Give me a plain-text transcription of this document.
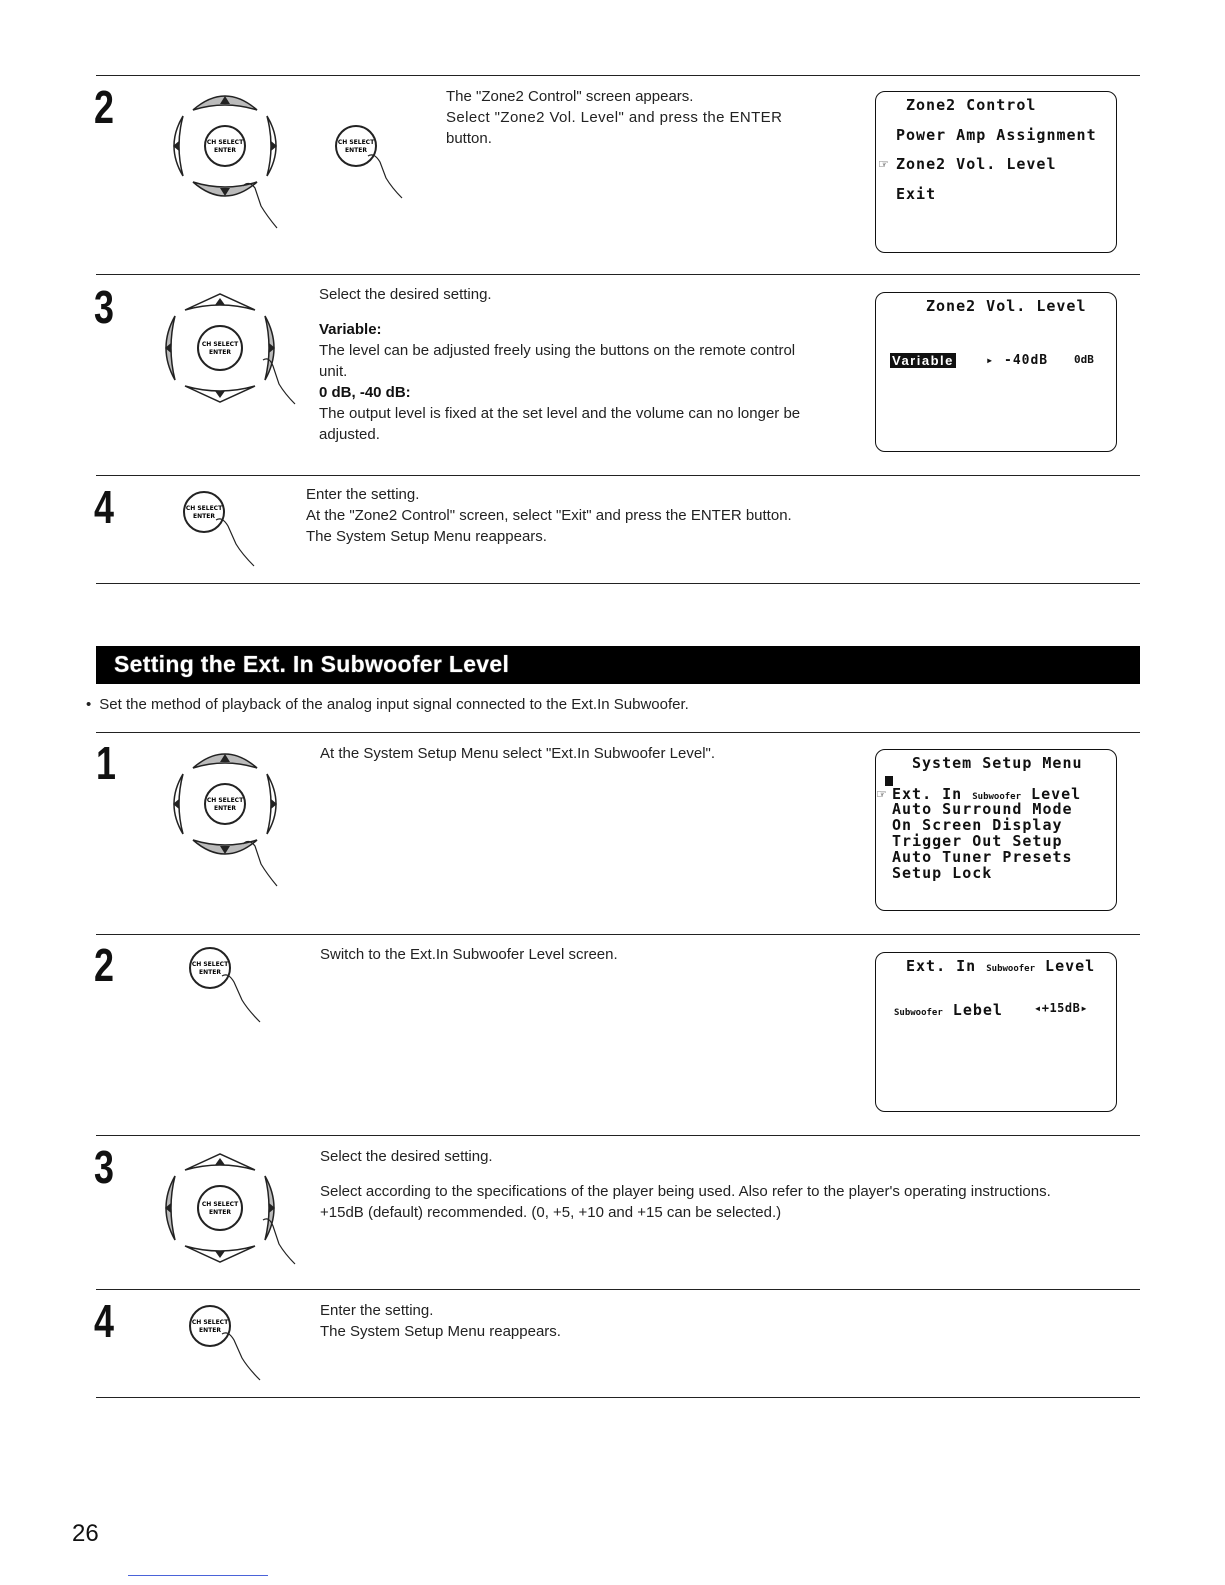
2
CH SELECT
ENTER
CH SELECT
ENTER
The "Zone2 Control" screen appears.
Select "Zone2 Vol. Level" and press the ENTER
button.
Zone2 Control
Power Amp Assignment
☞ Zone2 Vol. Level
Exit
3
CH SELECT
ENTER
Select the desired setting.
Variable:
The level can be adjusted freely using the buttons on the remote control
unit.
0 dB, -40 dB:
The output level is fixed at the set level and the volume can no longer be
adjusted.
Zone2 Vol. Level
Variable	▸ -40dB 0dB
4	CH SELECT
ENTER
Enter the setting.
At the "Zone2 Control" screen, select "Exit" and press the ENTER button.
The System Setup Menu reappears.
Setting the Ext. In Subwoofer Level
• Set the method of playback of the analog input signal connected to the Ext.In Subwoofer.
1
CH SELECT
ENTER
At the System Setup Menu select "Ext.In Subwoofer Level".
System Setup Menu
☞ Ext. In Subwoofer Level
Auto Surround Mode
On Screen Display
Trigger Out Setup
Auto Tuner Presets
Setup Lock
2	CH SELECT
ENTER
Switch to the Ext.In Subwoofer Level screen.
Ext. In Subwoofer Level
Subwoofer Lebel	◂+15dB▸
3
CH SELECT
ENTER
Select the desired setting.
Select according to the specifications of the player being used. Also refer to the player's operating instructions.
+15dB (default) recommended. (0, +5, +10 and +15 can be selected.)
4	CH SELECT
ENTER
Enter the setting.
The System Setup Menu reappears.
26
